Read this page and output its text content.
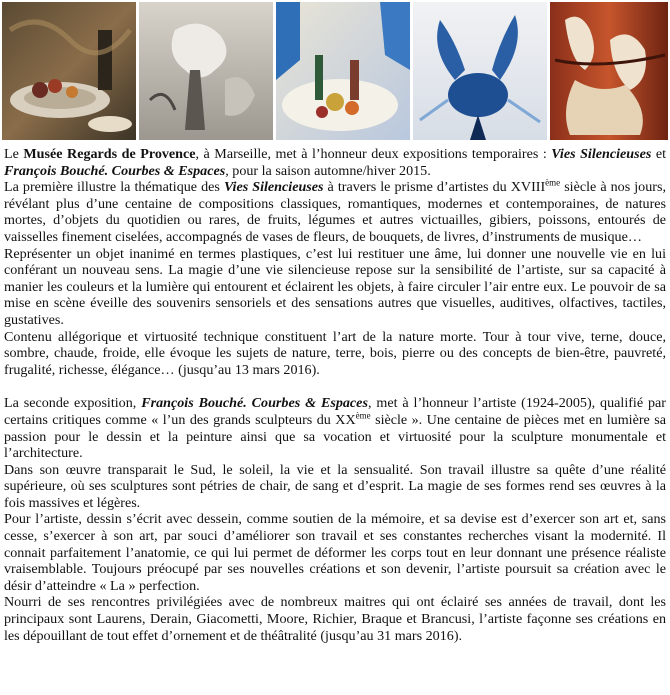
Le Musée Regards de Provence, à Marseille, met à l’honneur deux expositions temporaires : Vies Silencieuses et François Bouché. Courbes & Espaces, pour la saison automne/hiver 2015.

La première illustre la thématique des Vies Silencieuses à travers le prisme d’artistes du XVIIIème siècle à nos jours, révélant plus d’une centaine de compositions classiques, romantiques, modernes et contemporaines, de natures mortes, d’objets du quotidien ou rares, de fruits, légumes et autres victuailles, gibiers, poissons, entourés de vaisselles finement ciselées, accompagnés de vases de fleurs, de bouquets, de livres, d’instruments de musique…

Représenter un objet inanimé en termes plastiques, c’est lui restituer une âme, lui donner une nouvelle vie en lui conférant un nouveau sens. La magie d’une vie silencieuse repose sur la sensibilité de l’artiste, sur sa capacité à manier les couleurs et la lumière qui entourent et éclairent les objets, à faire circuler l’air entre eux. Le pouvoir de sa mise en scène éveille des souvenirs sensoriels et des sensations autres que visuelles, auditives, olfactives, tactiles, gustatives.

Contenu allégorique et virtuosité technique constituent l’art de la nature morte. Tour à tour vive, terne, douce, sombre, chaude, froide, elle évoque les sujets de nature, terre, bois, pierre ou des concepts de bien-être, pauvreté, frugalité, richesse, élégance… (jusqu’au 13 mars 2016).

La seconde exposition, François Bouché. Courbes & Espaces, met à l’honneur l’artiste (1924-2005), qualifié par certains critiques comme « l’un des grands sculpteurs du XXème siècle ». Une centaine de pièces met en lumière sa passion pour le dessin et la peinture ainsi que sa vocation et virtuosité pour la sculpture monumentale et l’architecture.

Dans son œuvre transparait le Sud, le soleil, la vie et la sensualité. Son travail illustre sa quête d’une réalité supérieure, où ses sculptures sont pétries de chair, de sang et d’esprit. La magie de ses formes rend ses œuvres à la fois massives et légères.

Pour l’artiste, dessin s’écrit avec dessein, comme soutien de la mémoire, et sa devise est d’exercer son art et, sans cesse, s’exercer à son art, par souci d’améliorer son travail et ses constantes recherches visant la modernité. Il connait parfaitement l’anatomie, ce qui lui permet de déformer les corps tout en leur donnant une présence réaliste vraisemblable. Toujours préocupé par ses nouvelles créations et son devenir, l’artiste poursuit sa création avec le désir d’atteindre « La » perfection.

Nourri de ses rencontres privilégiées avec de nombreux maitres qui ont éclairé ses années de travail, dont les principaux sont Laurens, Derain, Giacometti, Moore, Richier, Braque et Brancusi, l’artiste façonne ses créations en les dépouillant de tout effet d’ornement et de théâtralité (jusqu’au 31 mars 2016).
